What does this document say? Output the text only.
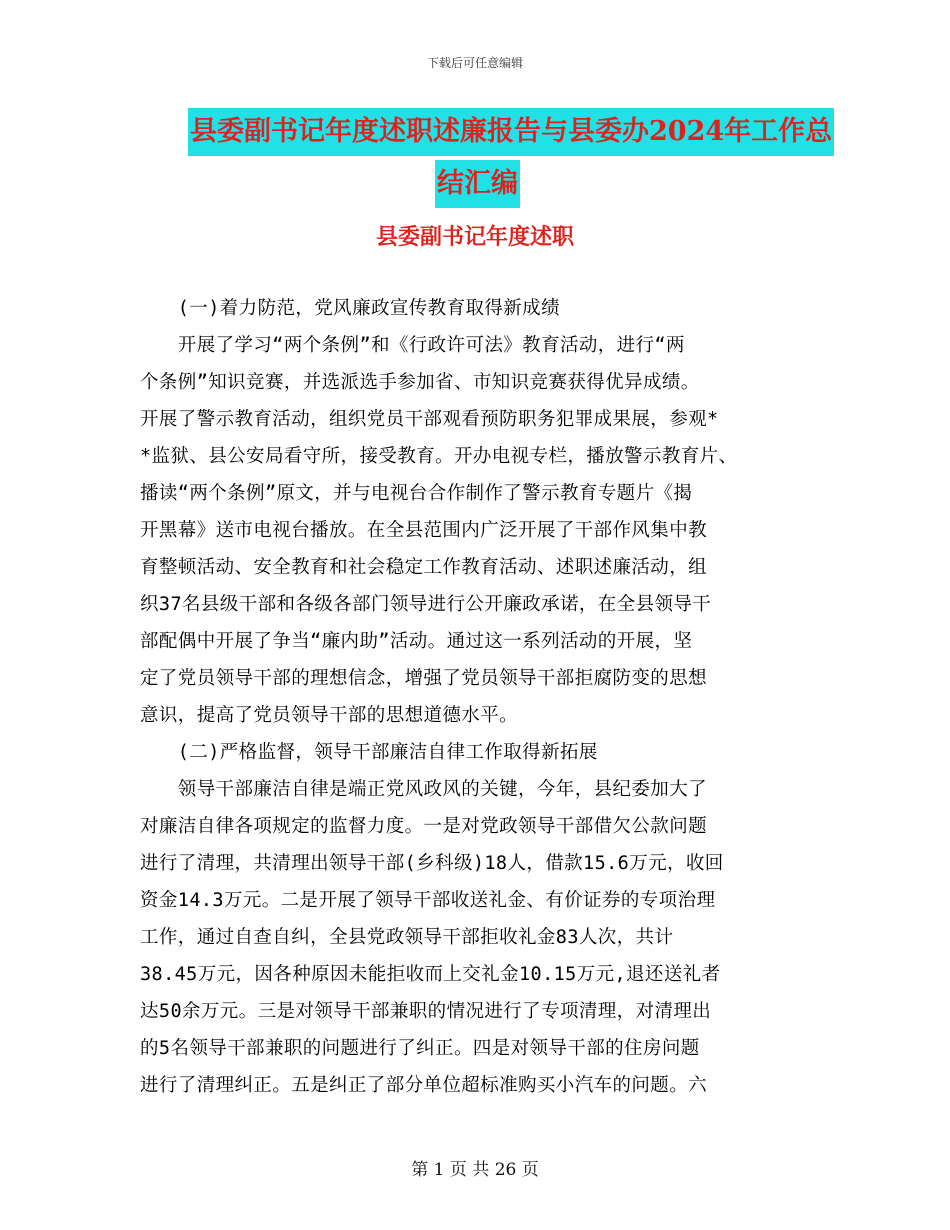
下载后可任意编辑
县委副书记年度述职述廉报告与县委办2024年工作总
结汇编
县委副书记年度述职
　　(一)着力防范，党风廉政宣传教育取得新成绩
　　开展了学习“两个条例”和《行政许可法》教育活动，进行“两
个条例”知识竞赛，并选派选手参加省、市知识竞赛获得优异成绩。
开展了警示教育活动，组织党员干部观看预防职务犯罪成果展，参观*
*监狱、县公安局看守所，接受教育。开办电视专栏，播放警示教育片、
播读“两个条例”原文，并与电视台合作制作了警示教育专题片《揭
开黑幕》送市电视台播放。在全县范围内广泛开展了干部作风集中教
育整顿活动、安全教育和社会稳定工作教育活动、述职述廉活动，组
织37名县级干部和各级各部门领导进行公开廉政承诺，在全县领导干
部配偶中开展了争当“廉内助”活动。通过这一系列活动的开展，坚
定了党员领导干部的理想信念，增强了党员领导干部拒腐防变的思想
意识，提高了党员领导干部的思想道德水平。
　　(二)严格监督，领导干部廉洁自律工作取得新拓展
　　领导干部廉洁自律是端正党风政风的关键，今年，县纪委加大了
对廉洁自律各项规定的监督力度。一是对党政领导干部借欠公款问题
进行了清理，共清理出领导干部(乡科级)18人，借款15.6万元，收回
资金14.3万元。二是开展了领导干部收送礼金、有价证券的专项治理
工作，通过自查自纠，全县党政领导干部拒收礼金83人次，共计
38.45万元，因各种原因未能拒收而上交礼金10.15万元,退还送礼者
达50余万元。三是对领导干部兼职的情况进行了专项清理，对清理出
的5名领导干部兼职的问题进行了纠正。四是对领导干部的住房问题
进行了清理纠正。五是纠正了部分单位超标准购买小汽车的问题。六
第 1 页 共 26 页
